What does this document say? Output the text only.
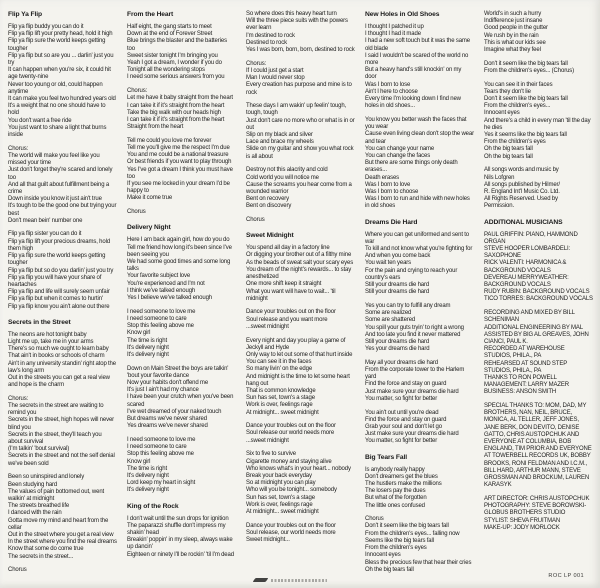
Flip Ya Flip
Flip ya flip buddy you can do it
Flip ya flip lift your pretty head, hold it high
Flip ya flip sure the world keeps getting tougher
Flip ya flip but so are you ... darlin' just you try
It can happen when you're six, it could hit age twenty-nine
Never too young or old, could happen anytime
It can make you feel two hundred years old
It's a weight that no one should have to hold
You don't want a free ride
You just want to share a light that burns inside
Chorus:
The world will make you feel like you missed your time
Just don't forget they're scared and lonely too
And all that guilt about fulfillment being a crime
Down inside you know it just ain't true
It's tough to be the good one but trying your best
Don't mean bein' number one
Flip ya flip sister you can do it
Flip ya flip lift your precious dreams, hold them high
Flip ya flip sure the world keeps getting tougher
Flip ya flip but so do you darlin' just you try
Flip ya flip you will have your share of heartaches
Flip ya flip and life will surely seem unfair
Flip ya flip but when it comes to hurtin'
Flip ya flip know you ain't alone out there
Secrets in the Street
The neons are hot tonight baby
Light me up, take me in your arms
There's so much we ought to learn baby
That ain't in books or schools of charm
Ain't in any university standin' right atop the law's long arm
Out in the streets you can get a real view and hope is the charm
Chorus:
The secrets in the street are waiting to remind you
Secrets in the street, high hopes will never blind you
Secrets in the street, they'll teach you about survival
(I'm talkin' 'bout survival)
Secrets in the street and not the self denial we've been sold
Been so uninspired and lonely
Been studying hard
The values of pain bottomed out, went walkin' at midnight
The streets breathed life
I danced with the rain
Gotta move my mind and heart from the cellar
Out in the street where you get a real view
In the street where you find the real dreams
Know that some do come true
The secrets in the street...
Chorus
From the Heart
Half eight, the gang starts to meet
Down at the end of Forever Street
Blue brings the blaster and the batteries too
Sweet sister tonight I'm bringing you
Yeah I got a dream, I wonder if you do
Tonight all the wondering stops
I need some serious answers from you
Chorus:
Let me have it baby straight from the heart
I can take it if it's straight from the heart
Take the big walk with our heads high
I can take it if it's straight from the heart
Straight from the heart
Tell me could you love me forever
Tell me you'll give me the respect I'm due
You and me could be a national treasure
Or best friends if you want to play through
Yes I've got a dream I think you must have too
If you see me locked in your dream I'd be happy to
Make it come true
Chorus
Delivery Night
Here I am back again girl, how do you do
Tell me friend how long it's been since I've been seeing you
We had some good times and some long talks
Your favorite subject love
You're experienced and I'm not
I think we've talked enough
Yes I believe we've talked enough
I need someone to love me
I need someone to care
Stop this feeling above me
Know girl
The time is right
It's delivery night
It's delivery night
Down on Main Street the boys are talkin'
'bout your favorite dance
Now your habits don't offend me
It's just I ain't had my chance
I have been your crutch when you've been scared
I've wet dreamed of your naked touch
But dreams we've never shared
Yes dreams we've never shared
I need someone to love me
I need someone to care
Stop this feeling above me
Know girl
The time is right
It's delivery night
Lord keep my heart in sight
It's delivery night
King of the Rock
I don't wait until the sun drops for ignition
The paparazzi shuffle don't impress my shakin' head
Breakin' poppin' in my sleep, always wake up dancin'
Eighteen or ninety I'll be rockin' 'til I'm dead
So where does this heavy heart turn
Will the three piece suits with the powers ever learn
I'm destined to rock
Destined to rock
Yes I was born, born, born, destined to rock
Chorus:
If I could just get a start
Man I would never stop
Every creation has purpose and mine is to rock
These days I am wakin' up feelin' tough, tough, tough
Just don't care no more who or what is in or out
Slip on my black and silver
Lace and brace my wheels
Slide on my guitar and show you what rock is all about
Destroy not this alacrity and cold
Cold world you will notice me
Cause the screams you hear come from a wounded warrior
Bent on recovery
Bent on discovery
Chorus
Sweet Midnight
You spend all day in a factory line
Or digging your brother out of a filthy mine
As the beads of sweat salt your scary eyes
You dream of the night's rewards... to stay anesthetized
One more shift keep it straight
What you want will have to wait... 'til midnight
Dance your troubles out on the floor
Soul release and you want more
...sweet midnight
Every night and day you play a game of Jeckyll and Hyde
Only way to let out some of that hurt inside
You can see it in the faces
So many livin' on the edge
And midnight is the time to let some heart hang out
That is common knowledge
Sun has set, town's a stage
Work is over, feelings rage
At midnight... sweet midnight
Dance your troubles out on the floor
Soul release our world needs more
...sweet midnight
Six to five to survive
Cigarette money and staying alive
Who knows what's in your heart... nobody
Break your back everyday
So at midnight you can play
Who will you be tonight... somebody
Sun has set, town's a stage
Work is over, feelings rage
At midnight... sweet midnight
Dance your troubles out on the floor
Soul release, our world needs more
Sweet midnight...
New Holes in Old Shoes
I thought I patched it up
I thought I had it made
I had a new soft touch but it was the same old blade
I said I wouldn't be scared of the world no more
But a heavy hand's still knockin' on my door
Was I born to lose
Ain't I here to choose
Every time I'm looking down I find new holes in old shoes...
You know you better wash the faces that you wear
Cause even living clean don't stop the wear and tear
You can change your name
You can change the faces
But there are some things only death erases...
Death erases
Was I born to love
Was I born to choose
Was I born to run and hide with new holes in old shoes
Dreams Die Hard
Where you can get uniformed and sent to war
To kill and not know what you're fighting for
And when you come back
You wait ten years
For the pain and crying to reach your country's ears
Still your dreams die hard
Still your dreams die hard
Yes you can try to fulfill any dream
Some are realized
Some are shattered
You spill your guts tryin' to right a wrong
And too late you find it never mattered
Still your dreams die hard
Yes your dreams die hard
May all your dreams die hard
From the corporate tower to the Harlem yard
Find the force and stay on guard
Just make sure your dreams die hard
You matter, so fight for better
You ain't out until you're dead
Find the force and stay on guard
Grab your soul and don't let go
Just make sure your dreams die hard
You matter, so fight for better
Big Tears Fall
Is anybody really happy
Don't dreamers get the blues
The hustlers make the millions
The losers pay the dues
But what of the forgotten
The little ones confused
Chorus
Don't it seem like the big tears fall
From the children's eyes... falling now
Seems like the big tears fall
From the children's eyes
Innocent eyes
Bless the precious few that hear their cries
Oh the big tears fall
World's in such a hurry
Indifference just insane
Good people in the gutter
We rush by in the rain
This is what our kids see
Imagine what they feel
Don't it seem like the big tears fall
From the children's eyes... (Chorus)
You can see it in their faces
Tears they don't lie
Don't it seem like the big tears fall
From the children's eyes...
Innocent eyes
And there's a child in every man 'til the day he dies
Yes it seems like the big tears fall
From the children's eyes
Oh the big tears fall
Oh the big tears fall
All songs words and music by
Nils Lofgren
All songs published by Hilmer/
R. England Int'l Music Co. Ltd.
All Rights Reserved. Used by
Permission.
ADDITIONAL MUSICIANS
PAUL GRIFFIN: PIANO, HAMMOND ORGAN
STEVE HOOPER LOMBARDELI: SAXOPHONE
RICK VALENTI: HARMONICA & BACKGROUND VOCALS
DEVEREAU MERRYWEATHER: BACKGROUND VOCALS
RUDY RUBIN: BACKGROUND VOCALS
TICO TORRES: BACKGROUND VOCALS
RECORDING AND MIXED BY BILL SCHENIMAN
ADDITIONAL ENGINEERING BY MAL ASSISTED BY BIG AL GREAVES, JOHN CIANCI, PAUL K.
RECORDED AT WAREHOUSE STUDIOS, PHILA., PA
REHEARSED AT SOUND STEP STUDIOS, PHILA., PA
THANKS TO RON POWELL
MANAGEMENT: LARRY MAZER
BUSINESS: ANSON SMITH
SPECIAL THANKS TO: MOM, DAD, MY BROTHERS, NAN, NEIL, BRUCE, MONICA, AL TELLER, JEFF JONES, JANE BERK, DON DEVITO, DENISE GATTO, CHRIS AUSTOPCHUK AND EVERYONE AT COLUMBIA, BOB ENGLAND, TIM PRIOR AND EVERYONE AT TOWERBELL RECORDS UK, BOBBY BROOKS, RONI FELDMAN AND I.C.M., BILL HARD, ARTHUR MANN, STEVE GROSSMAN AND BROCKUM, LAUREN KARASYK
ART DIRECTOR: CHRIS AUSTOPCHUK
PHOTOGRAPHY: STEVE BOROWSKI-GLOBUS BROTHERS STUDIO
STYLIST: SHEVA FRUITMAN
MAKE-UP: JODY MORLOCK
ROC LP 001
